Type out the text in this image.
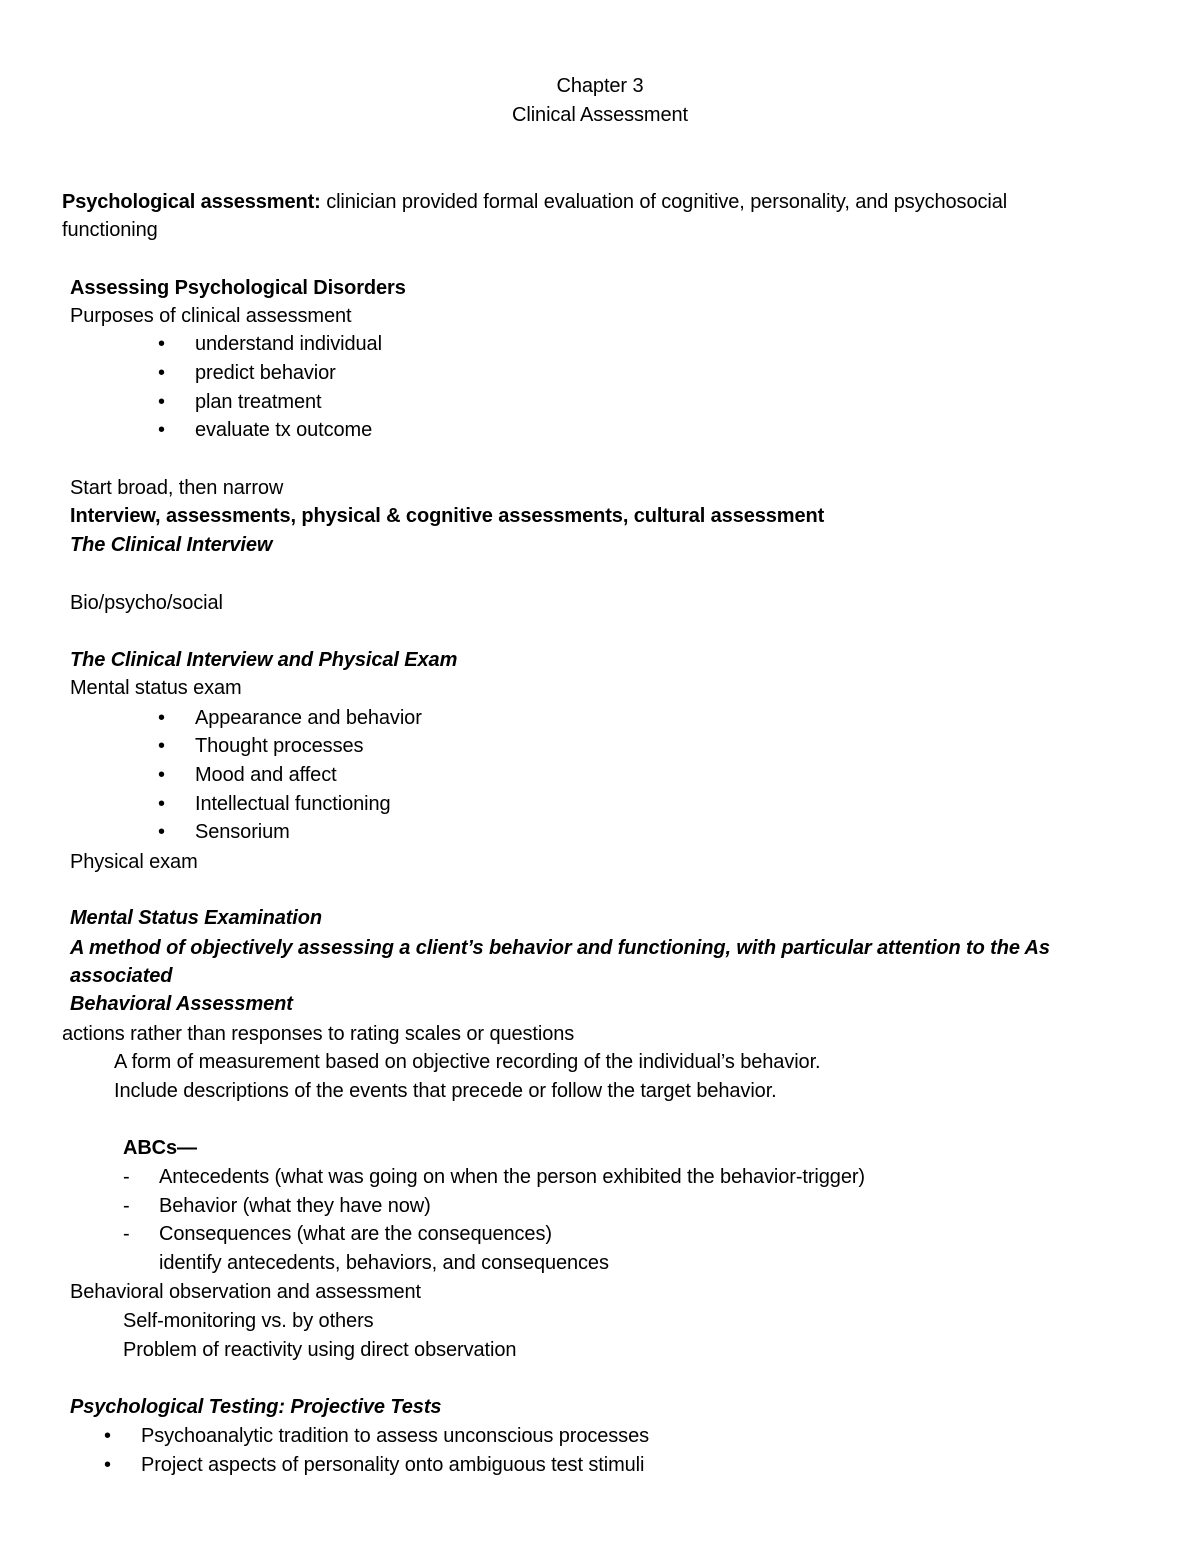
Chapter 3
Clinical Assessment
Psychological assessment: clinician provided formal evaluation of cognitive, personality, and psychosocial
functioning
Assessing Psychological Disorders
Purposes of clinical assessment
• understand individual
• predict behavior
• plan treatment
• evaluate tx outcome
Start broad, then narrow
Interview, assessments, physical & cognitive assessments, cultural assessment
The Clinical Interview
Bio/psycho/social
The Clinical Interview and Physical Exam
Mental status exam
• Appearance and behavior
• Thought processes
• Mood and affect
• Intellectual functioning
• Sensorium
Physical exam
Mental Status Examination
A method of objectively assessing a client’s behavior and functioning, with particular attention to the As
associated
Behavioral Assessment
actions rather than responses to rating scales or questions
A form of measurement based on objective recording of the individual’s behavior.
Include descriptions of the events that precede or follow the target behavior.
ABCs—
- Antecedents (what was going on when the person exhibited the behavior-trigger)
- Behavior (what they have now)
- Consequences (what are the consequences)
identify antecedents, behaviors, and consequences
Behavioral observation and assessment
Self-monitoring vs. by others
Problem of reactivity using direct observation
Psychological Testing: Projective Tests
• Psychoanalytic tradition to assess unconscious processes
• Project aspects of personality onto ambiguous test stimuli
